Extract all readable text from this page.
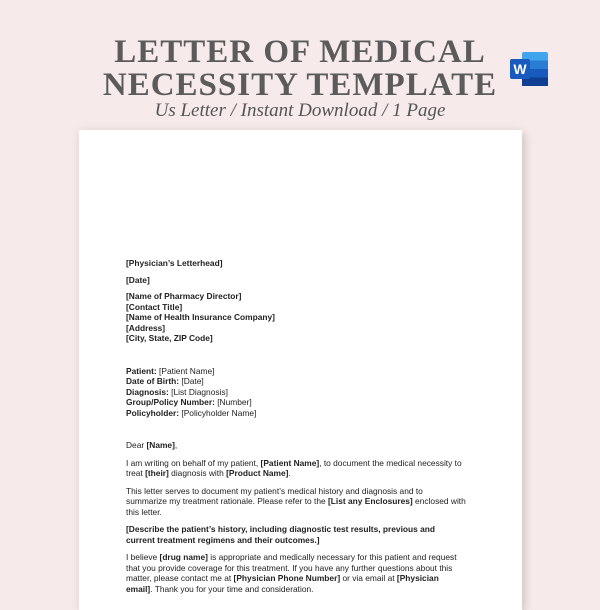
LETTER OF MEDICAL
NECESSITY TEMPLATE
Us Letter / Instant Download / 1 Page
W
[Physician’s Letterhead]
[Date]
[Name of Pharmacy Director]
[Contact Title]
[Name of Health Insurance Company]
[Address]
[City, State, ZIP Code]
Patient: [Patient Name]
Date of Birth: [Date]
Diagnosis: [List Diagnosis]
Group/Policy Number: [Number]
Policyholder: [Policyholder Name]
Dear [Name],
I am writing on behalf of my patient, [Patient Name], to document the medical necessity to treat [their] diagnosis with [Product Name].
This letter serves to document my patient’s medical history and diagnosis and to summarize my treatment rationale. Please refer to the [List any Enclosures] enclosed with this letter.
[Describe the patient’s history, including diagnostic test results, previous and current treatment regimens and their outcomes.]
I believe [drug name] is appropriate and medically necessary for this patient and request that you provide coverage for this treatment. If you have any further questions about this matter, please contact me at [Physician Phone Number] or via email at [Physician email]. Thank you for your time and consideration.
